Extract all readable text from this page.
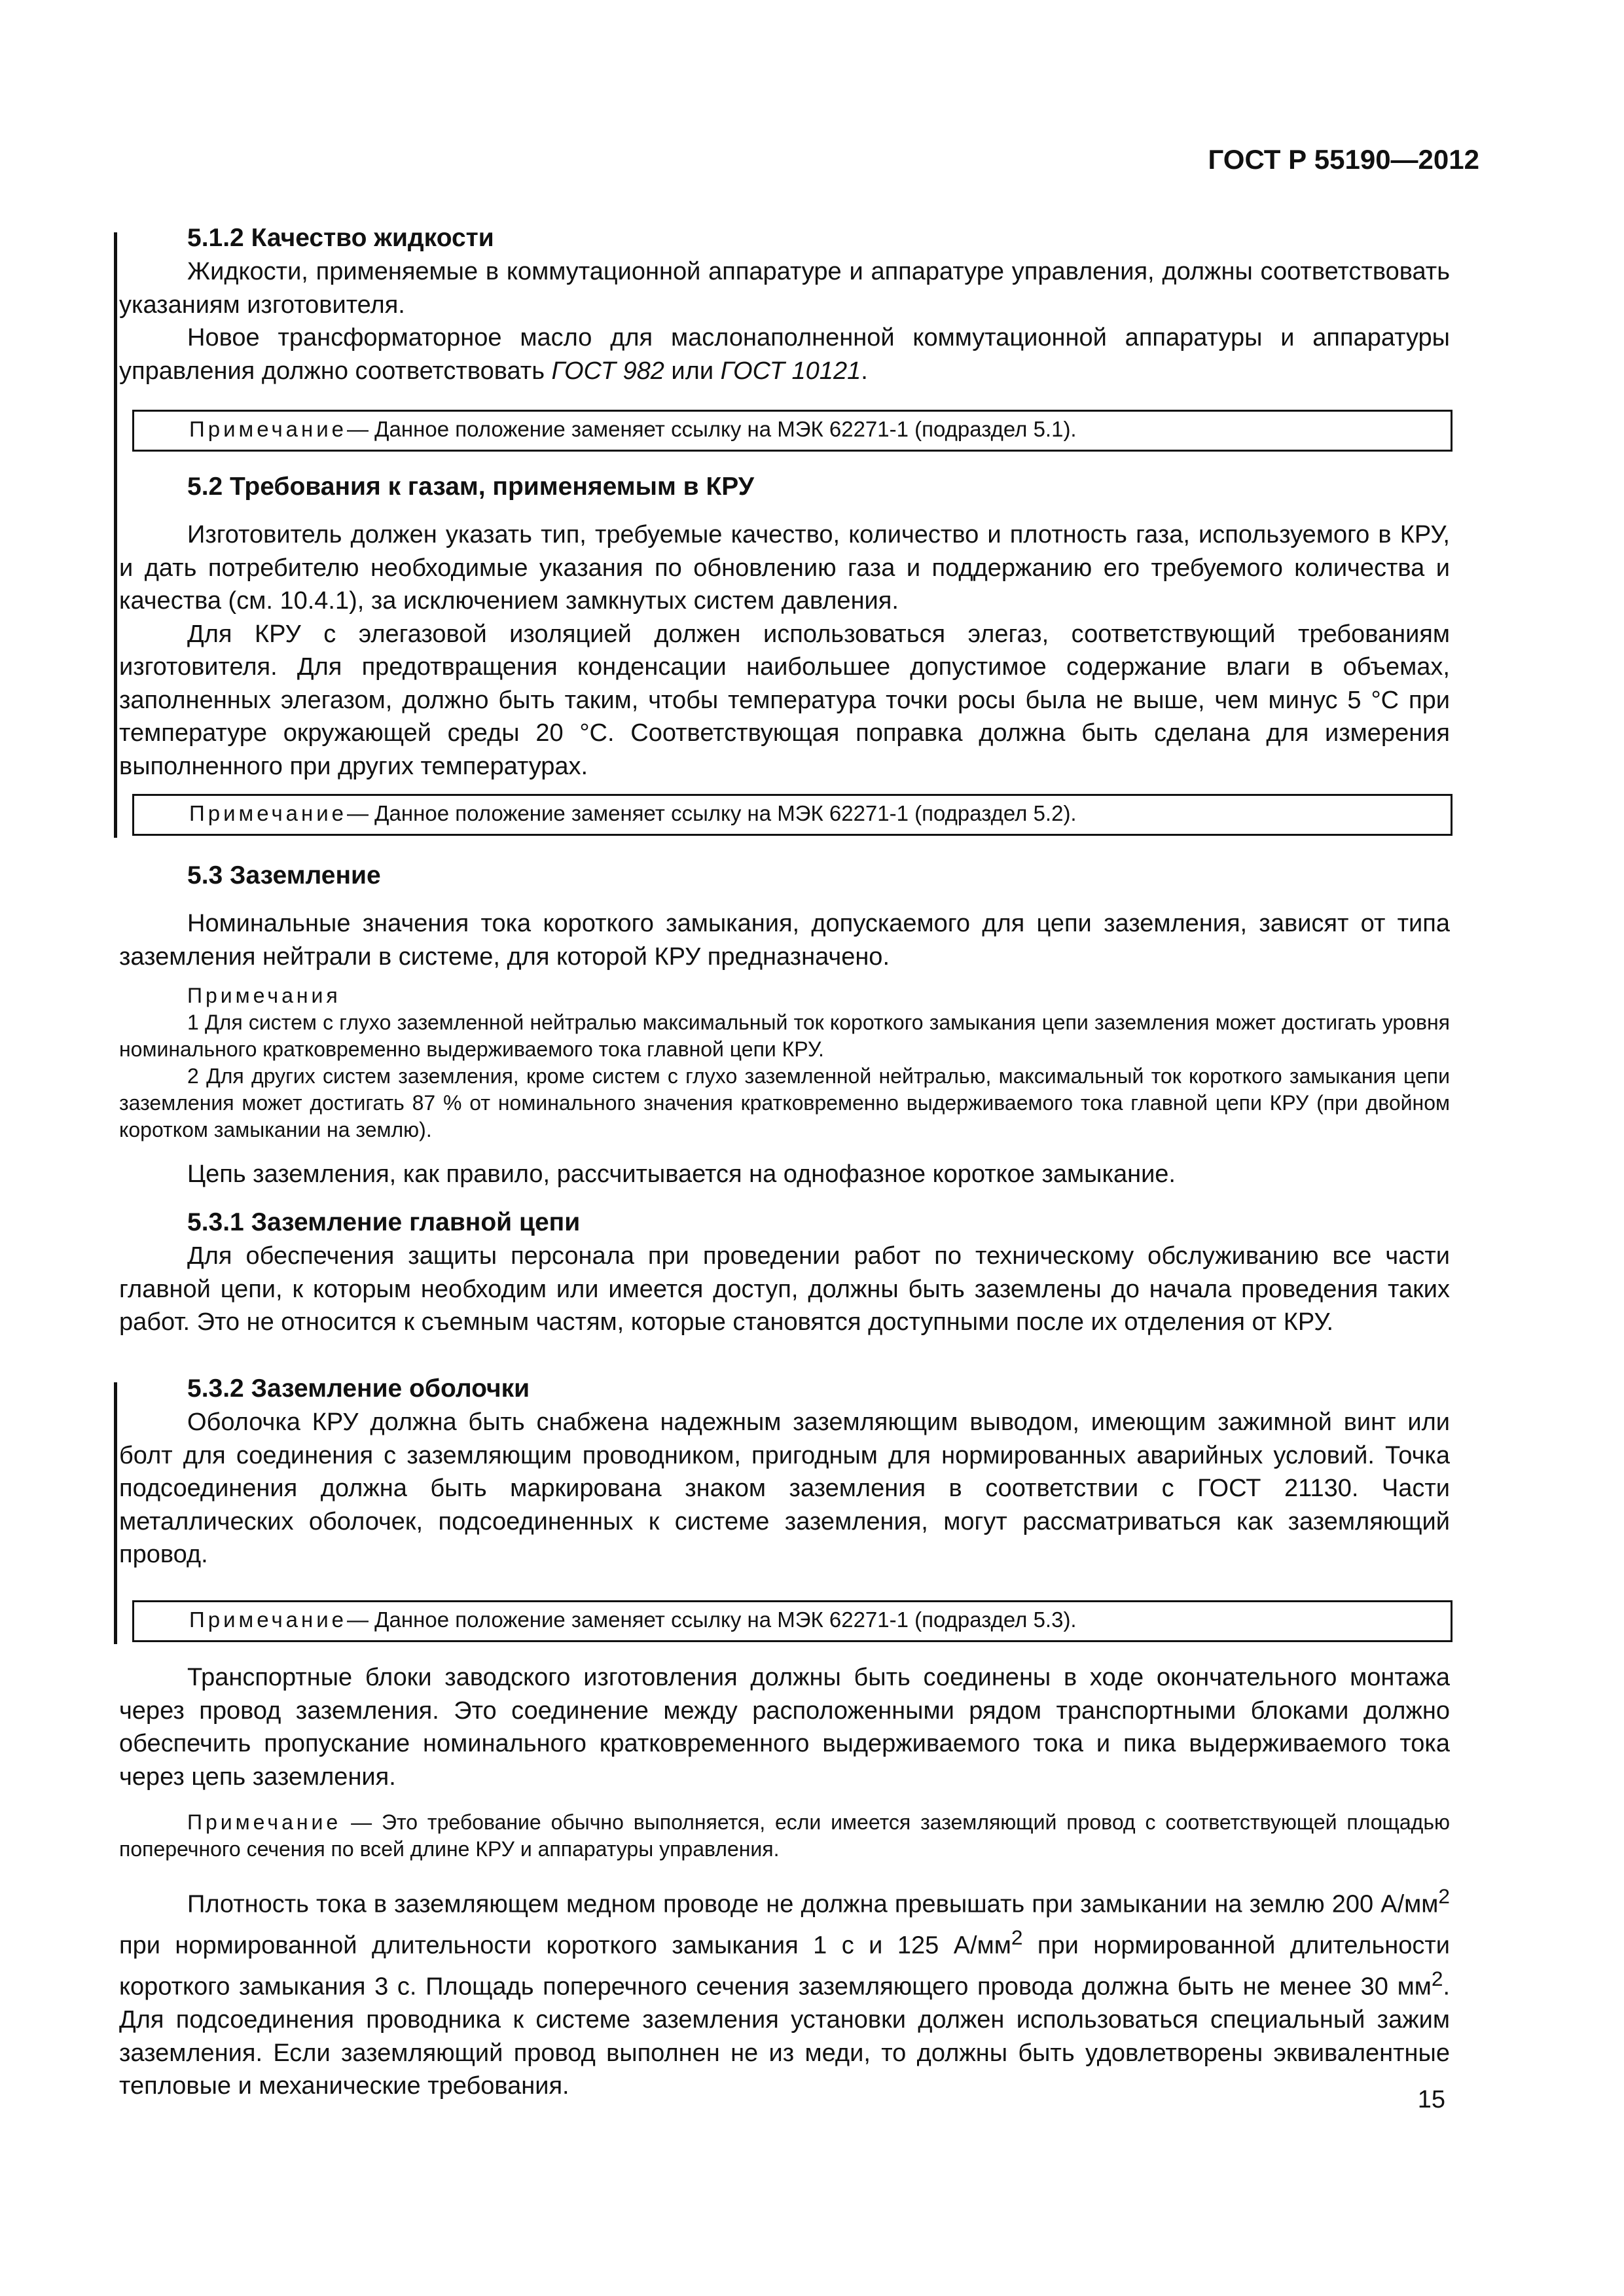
ГОСТ Р 55190—2012
5.1.2 Качество жидкости
Жидкости, применяемые в коммутационной аппаратуре и аппаратуре управления, должны соответствовать указаниям изготовителя.
Новое трансформаторное масло для маслонаполненной коммутационной аппаратуры и аппаратуры управления должно соответствовать ГОСТ 982 или ГОСТ 10121.
Примечание— Данное положение заменяет ссылку на МЭК 62271-1 (подраздел 5.1).
5.2 Требования к газам, применяемым в КРУ
Изготовитель должен указать тип, требуемые качество, количество и плотность газа, используемого в КРУ, и дать потребителю необходимые указания по обновлению газа и поддержанию его требуемого количества и качества (см. 10.4.1), за исключением замкнутых систем давления.
Для КРУ с элегазовой изоляцией должен использоваться элегаз, соответствующий требованиям изготовителя. Для предотвращения конденсации наибольшее допустимое содержание влаги в объемах, заполненных элегазом, должно быть таким, чтобы температура точки росы была не выше, чем минус 5 °С при температуре окружающей среды 20 °С. Соответствующая поправка должна быть сделана для измерения выполненного при других температурах.
Примечание— Данное положение заменяет ссылку на МЭК 62271-1 (подраздел 5.2).
5.3 Заземление
Номинальные значения тока короткого замыкания, допускаемого для цепи заземления, зависят от типа заземления нейтрали в системе, для которой КРУ предназначено.
Примечания
1 Для систем с глухо заземленной нейтралью максимальный ток короткого замыкания цепи заземления может достигать уровня номинального кратковременно выдерживаемого тока главной цепи КРУ.
2 Для других систем заземления, кроме систем с глухо заземленной нейтралью, максимальный ток короткого замыкания цепи заземления может достигать 87 % от номинального значения кратковременно выдерживаемого тока главной цепи КРУ (при двойном коротком замыкании на землю).
Цепь заземления, как правило, рассчитывается на однофазное короткое замыкание.
5.3.1 Заземление главной цепи
Для обеспечения защиты персонала при проведении работ по техническому обслуживанию все части главной цепи, к которым необходим или имеется доступ, должны быть заземлены до начала проведения таких работ. Это не относится к съемным частям, которые становятся доступными после их отделения от КРУ.
5.3.2 Заземление оболочки
Оболочка КРУ должна быть снабжена надежным заземляющим выводом, имеющим зажимной винт или болт для соединения с заземляющим проводником, пригодным для нормированных аварийных условий. Точка подсоединения должна быть маркирована знаком заземления в соответствии с ГОСТ 21130. Части металлических оболочек, подсоединенных к системе заземления, могут рассматриваться как заземляющий провод.
Примечание— Данное положение заменяет ссылку на МЭК 62271-1 (подраздел 5.3).
Транспортные блоки заводского изготовления должны быть соединены в ходе окончательного монтажа через провод заземления. Это соединение между расположенными рядом транспортными блоками должно обеспечить пропускание номинального кратковременного выдерживаемого тока и пика выдерживаемого тока через цепь заземления.
Примечание — Это требование обычно выполняется, если имеется заземляющий провод с соответствующей площадью поперечного сечения по всей длине КРУ и аппаратуры управления.
Плотность тока в заземляющем медном проводе не должна превышать при замыкании на землю 200 $А/мм^2$ при нормированной длительности короткого замыкания 1 с и 125 $А/мм^2$ при нормированной длительности короткого замыкания 3 с. Площадь поперечного сечения заземляющего провода должна быть не менее 30 $мм^2$. Для подсоединения проводника к системе заземления установки должен использоваться специальный зажим заземления. Если заземляющий провод выполнен не из меди, то должны быть удовлетворены эквивалентные тепловые и механические требования.	15
